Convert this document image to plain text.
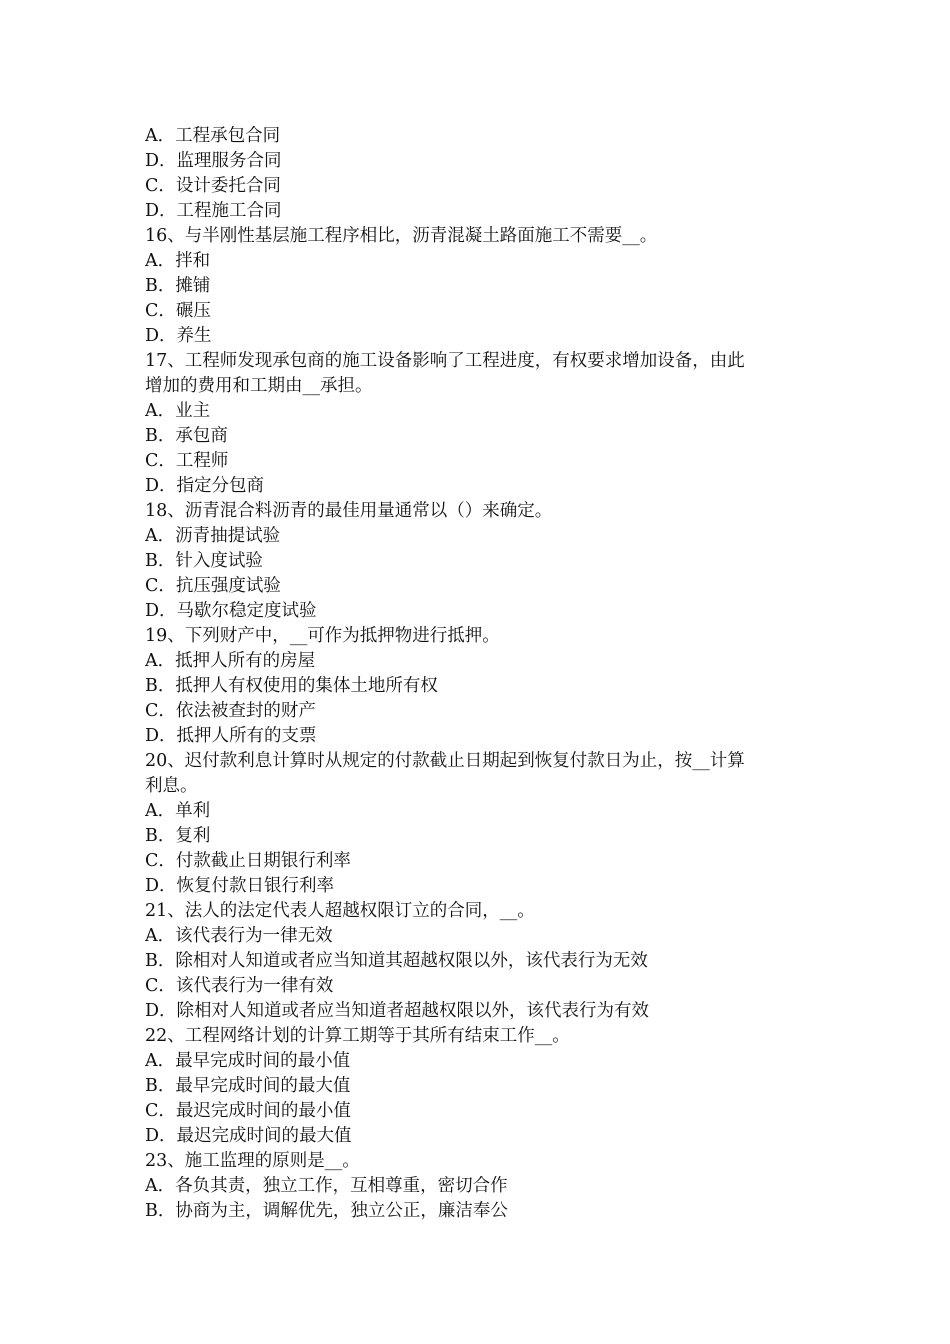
A．工程承包合同
D．监理服务合同
C．设计委托合同
D．工程施工合同
16、与半刚性基层施工程序相比，沥青混凝土路面施工不需要__。
A．拌和
B．摊铺
C．碾压
D．养生
17、工程师发现承包商的施工设备影响了工程进度，有权要求增加设备，由此
增加的费用和工期由__承担。
A．业主
B．承包商
C．工程师
D．指定分包商
18、沥青混合料沥青的最佳用量通常以（）来确定。
A．沥青抽提试验
B．针入度试验
C．抗压强度试验
D．马歇尔稳定度试验
19、下列财产中，__可作为抵押物进行抵押。
A．抵押人所有的房屋
B．抵押人有权使用的集体土地所有权
C．依法被查封的财产
D．抵押人所有的支票
20、迟付款利息计算时从规定的付款截止日期起到恢复付款日为止，按__计算
利息。
A．单利
B．复利
C．付款截止日期银行利率
D．恢复付款日银行利率
21、法人的法定代表人超越权限订立的合同，__。
A．该代表行为一律无效
B．除相对人知道或者应当知道其超越权限以外，该代表行为无效
C．该代表行为一律有效
D．除相对人知道或者应当知道者超越权限以外，该代表行为有效
22、工程网络计划的计算工期等于其所有结束工作__。
A．最早完成时间的最小值
B．最早完成时间的最大值
C．最迟完成时间的最小值
D．最迟完成时间的最大值
23、施工监理的原则是__。
A．各负其责，独立工作，互相尊重，密切合作
B．协商为主，调解优先，独立公正，廉洁奉公
